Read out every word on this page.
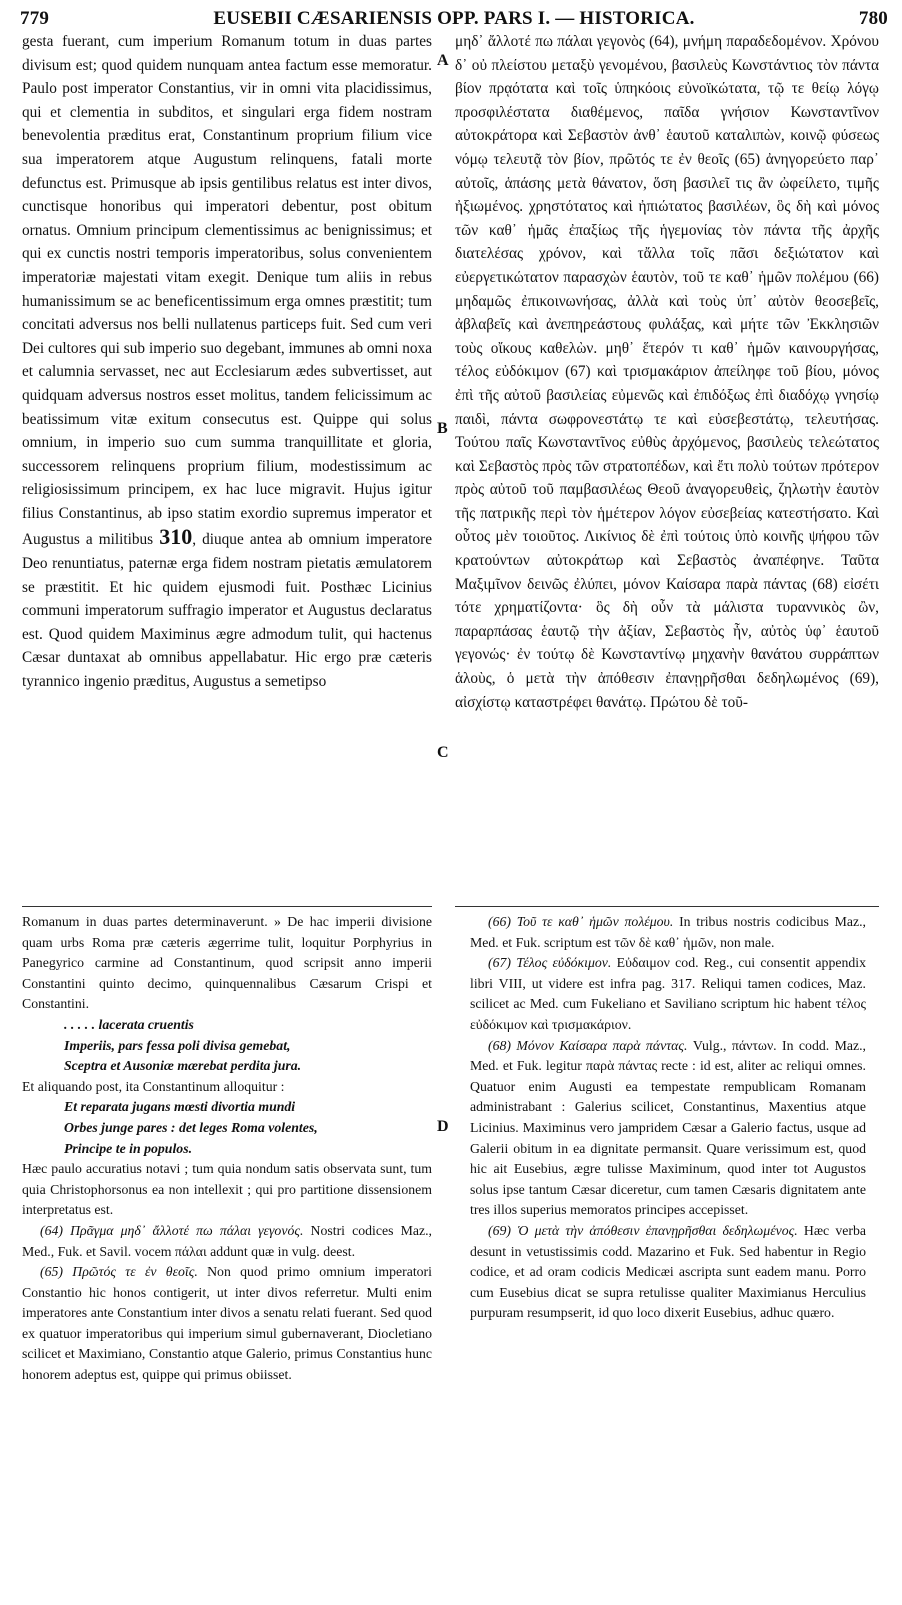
779	EUSEBII CÆSARIENSIS OPP. PARS I. — HISTORICA.	780

gesta fuerant, cum imperium Romanum totum in duas partes divisum est; quod quidem nunquam antea factum esse memoratur. Paulo post imperator Constantius, vir in omni vita placidissimus, qui et clementia in subditos, et singulari erga fidem nostram benevolentia præditus erat, Constantinum proprium filium vice sua imperatorem atque Augustum relinquens, fatali morte defunctus est. Primusque ab ipsis gentilibus relatus est inter divos, cunctisque honoribus qui imperatori debentur, post obitum ornatus. Omnium principum clementissimus ac benignissimus; et qui ex cunctis nostri temporis imperatoribus, solus convenientem imperatoriæ majestati vitam exegit. Denique tum aliis in rebus humanissimum se ac beneficentissimum erga omnes præstitit; tum concitati adversus nos belli nullatenus particeps fuit. Sed cum veri Dei cultores qui sub imperio suo degebant, immunes ab omni noxa et calumnia servasset, nec aut Ecclesiarum ædes subvertisset, aut quidquam adversus nostros esset molitus, tandem felicissimum ac beatissimum vitæ exitum consecutus est. Quippe qui solus omnium, in imperio suo cum summa tranquillitate et gloria, successorem relinquens proprium filium, modestissimum ac religiosissimum principem, ex hac luce migravit. Hujus igitur filius Constantinus, ab ipso statim exordio supremus imperator et Augustus a militibus 310, diuque antea ab omnium imperatore Deo renuntiatus, paternæ erga fidem nostram pietatis æmulatorem se præstitit. Et hic quidem ejusmodi fuit. Posthæc Licinius communi imperatorum suffragio imperator et Augustus declaratus est. Quod quidem Maximinus ægre admodum tulit, qui hactenus Cæsar duntaxat ab omnibus appellabatur. Hic ergo præ cæteris tyrannico ingenio præditus, Augustus a semetipso

A
B
C
D

μηδ᾽ ἄλλοτέ πω πάλαι γεγονὸς (64), μνήμη παραδεδομένον. Χρόνου δ᾽ οὐ πλείστου μεταξὺ γενομένου, βασιλεὺς Κωνστάντιος τὸν πάντα βίον πρᾳότατα καὶ τοῖς ὑπηκόοις εὐνοϊκώτατα, τῷ τε θείῳ λόγῳ προσφιλέστατα διαθέμενος, παῖδα γνήσιον Κωνσταντῖνον αὐτοκράτορα καὶ Σεβαστὸν ἀνθ᾽ ἑαυτοῦ καταλιπὼν, κοινῷ φύσεως νόμῳ τελευτᾷ τὸν βίον, πρῶτός τε ἐν θεοῖς (65) ἀνηγορεύετο παρ᾽ αὐτοῖς, ἁπάσης μετὰ θάνατον, ὅση βασιλεῖ τις ἂν ὠφείλετο, τιμῆς ἠξιωμένος. χρηστότατος καὶ ἠπιώτατος βασιλέων, ὃς δὴ καὶ μόνος τῶν καθ᾽ ἡμᾶς ἐπαξίως τῆς ἡγεμονίας τὸν πάντα τῆς ἀρχῆς διατελέσας χρόνον, καὶ τἄλλα τοῖς πᾶσι δεξιώτατον καὶ εὐεργετικώτατον παρασχὼν ἑαυτὸν, τοῦ τε καθ᾽ ἡμῶν πολέμου (66) μηδαμῶς ἐπικοινωνήσας, ἀλλὰ καὶ τοὺς ὑπ᾽ αὐτὸν θεοσεβεῖς, ἀβλαβεῖς καὶ ἀνεπηρεάστους φυλάξας, καὶ μήτε τῶν Ἐκκλησιῶν τοὺς οἴκους καθελὼν. μηθ᾽ ἕτερόν τι καθ᾽ ἡμῶν καινουργήσας, τέλος εὐδόκιμον (67) καὶ τρισμακάριον ἀπείληφε τοῦ βίου, μόνος ἐπὶ τῆς αὐτοῦ βασιλείας εὐμενῶς καὶ ἐπιδόξως ἐπὶ διαδόχῳ γνησίῳ παιδὶ, πάντα σωφρονεστάτῳ τε καὶ εὐσεβεστάτῳ, τελευτήσας. Τούτου παῖς Κωνσταντῖνος εὐθὺς ἀρχόμενος, βασιλεὺς τελεώτατος καὶ Σεβαστὸς πρὸς τῶν στρατοπέδων, καὶ ἔτι πολὺ τούτων πρότερον πρὸς αὐτοῦ τοῦ παμβασιλέως Θεοῦ ἀναγορευθεὶς, ζηλωτὴν ἑαυτὸν τῆς πατρικῆς περὶ τὸν ἡμέτερον λόγον εὐσεβείας κατεστήσατο. Καὶ οὗτος μὲν τοιοῦτος. Λικίνιος δὲ ἐπὶ τούτοις ὑπὸ κοινῆς ψήφου τῶν κρατούντων αὐτοκράτωρ καὶ Σεβαστὸς ἀναπέφηνε. Ταῦτα Μαξιμῖνον δεινῶς ἐλύπει, μόνον Καίσαρα παρὰ πάντας (68) εἰσέτι τότε χρηματίζοντα· ὃς δὴ οὖν τὰ μάλιστα τυραννικὸς ὢν, παραρπάσας ἑαυτῷ τὴν ἀξίαν, Σεβαστὸς ἦν, αὐτὸς ὑφ᾽ ἑαυτοῦ γεγονώς· ἐν τούτῳ δὲ Κωνσταντίνῳ μηχανὴν θανάτου συρράπτων ἁλοὺς, ὁ μετὰ τὴν ἀπόθεσιν ἐπανῃρῆσθαι δεδηλωμένος (69), αἰσχίστῳ καταστρέφει θανάτῳ. Πρώτου δὲ τοῦ-

Romanum in duas partes determinaverunt. » De hac imperii divisione quam urbs Roma præ cæteris ægerrime tulit, loquitur Porphyrius in Panegyrico carmine ad Constantinum, quod scripsit anno imperii Constantini quinto decimo, quinquennalibus Cæsarum Crispi et Constantini.

. . . . . lacerata cruentis

Imperiis, pars fessa poli divisa gemebat,

Sceptra et Ausoniæ mærebat perdita jura.

Et aliquando post, ita Constantinum alloquitur :

Et reparata jugans mœsti divortia mundi

Orbes junge pares : det leges Roma volentes,

Principe te in populos.

Hæc paulo accuratius notavi ; tum quia nondum satis observata sunt, tum quia Christophorsonus ea non intellexit ; qui pro partitione dissensionem interpretatus est.

(64) Πρᾶγμα μηδ᾽ ἄλλοτέ πω πάλαι γεγονός. Nostri codices Maz., Med., Fuk. et Savil. vocem πάλαι addunt quæ in vulg. deest.

(65) Πρῶτός τε ἐν θεοῖς. Non quod primo omnium imperatori Constantio hic honos contigerit, ut inter divos referretur. Multi enim imperatores ante Constantium inter divos a senatu relati fuerant. Sed quod ex quatuor imperatoribus qui imperium simul gubernaverant, Diocletiano scilicet et Maximiano, Constantio atque Galerio, primus Constantius hunc honorem adeptus est, quippe qui primus obiisset.

(66) Τοῦ τε καθ᾽ ἡμῶν πολέμου. In tribus nostris codicibus Maz., Med. et Fuk. scriptum est τῶν δὲ καθ᾽ ἡμῶν, non male.

(67) Τέλος εὐδόκιμον. Εὐδαιμον cod. Reg., cui consentit appendix libri VIII, ut videre est infra pag. 317. Reliqui tamen codices, Maz. scilicet ac Med. cum Fukeliano et Saviliano scriptum hic habent τέλος εὐδόκιμον καὶ τρισμακάριον.

(68) Μόνον Καίσαρα παρὰ πάντας. Vulg., πάντων. In codd. Maz., Med. et Fuk. legitur παρὰ πάντας recte : id est, aliter ac reliqui omnes. Quatuor enim Augusti ea tempestate rempublicam Romanam administrabant : Galerius scilicet, Constantinus, Maxentius atque Licinius. Maximinus vero jampridem Cæsar a Galerio factus, usque ad Galerii obitum in ea dignitate permansit. Quare verissimum est, quod hic ait Eusebius, ægre tulisse Maximinum, quod inter tot Augustos solus ipse tantum Cæsar diceretur, cum tamen Cæsaris dignitatem ante tres illos superius memoratos principes accepisset.

(69) Ὁ μετὰ τὴν ἀπόθεσιν ἐπανῃρῆσθαι δεδηλωμένος. Hæc verba desunt in vetustissimis codd. Mazarino et Fuk. Sed habentur in Regio codice, et ad oram codicis Medicæi ascripta sunt eadem manu. Porro cum Eusebius dicat se supra retulisse qualiter Maximianus Herculius purpuram resumpserit, id quo loco dixerit Eusebius, adhuc quæro.
